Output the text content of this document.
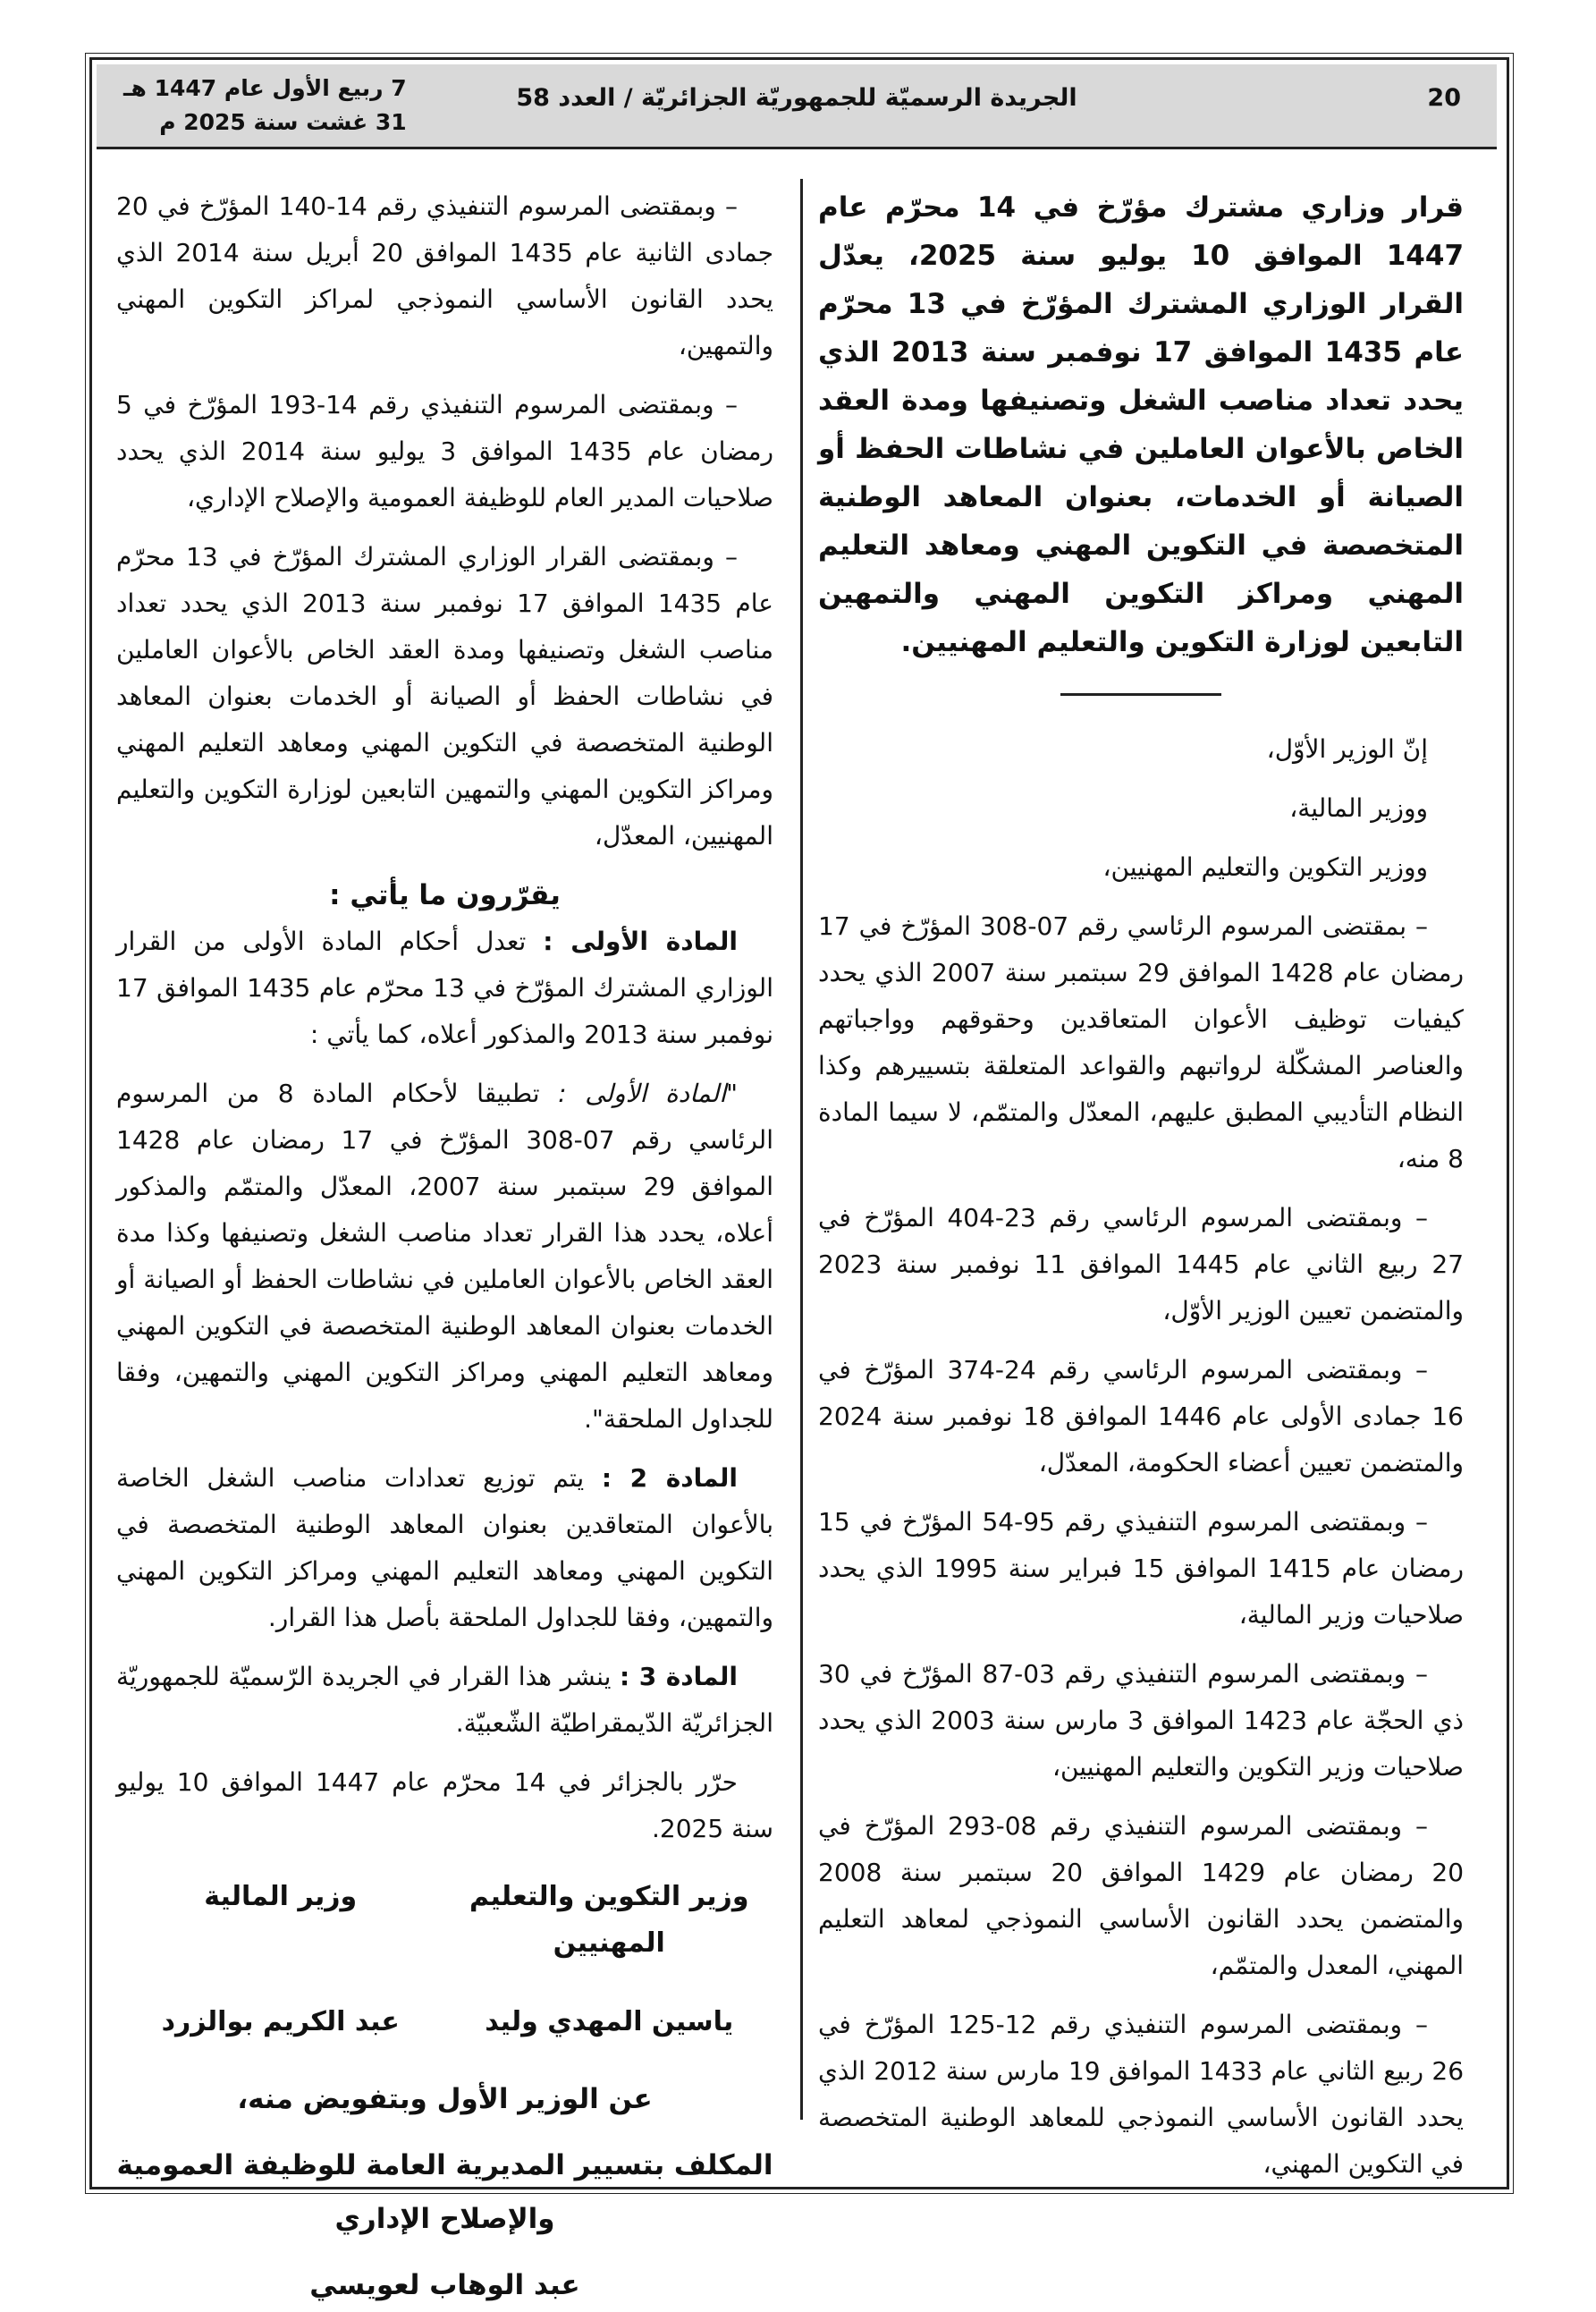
20
الجريدة الرسميّة للجمهوريّة الجزائريّة / العدد 58
7 ربيع الأول عام 1447 هـ
31 غشت سنة 2025 م
قرار وزاري مشترك مؤرّخ في 14 محرّم عام 1447 الموافق 10 يوليو سنة 2025، يعدّل القرار الوزاري المشترك المؤرّخ في 13 محرّم عام 1435 الموافق 17 نوفمبر سنة 2013 الذي يحدد تعداد مناصب الشغل وتصنيفها ومدة العقد الخاص بالأعوان العاملين في نشاطات الحفظ أو الصيانة أو الخدمات، بعنوان المعاهد الوطنية المتخصصة في التكوين المهني ومعاهد التعليم المهني ومراكز التكوين المهني والتمهين التابعين لوزارة التكوين والتعليم المهنيين.

إنّ الوزير الأوّل،

ووزير المالية،

ووزير التكوين والتعليم المهنيين،

– بمقتضى المرسوم الرئاسي رقم 07-308 المؤرّخ في 17 رمضان عام 1428 الموافق 29 سبتمبر سنة 2007 الذي يحدد كيفيات توظيف الأعوان المتعاقدين وحقوقهم وواجباتهم والعناصر المشكّلة لرواتبهم والقواعد المتعلقة بتسييرهم وكذا النظام التأديبي المطبق عليهم، المعدّل والمتمّم، لا سيما المادة 8 منه،

– وبمقتضى المرسوم الرئاسي رقم 23-404 المؤرّخ في 27 ربيع الثاني عام 1445 الموافق 11 نوفمبر سنة 2023 والمتضمن تعيين الوزير الأوّل،

– وبمقتضى المرسوم الرئاسي رقم 24-374 المؤرّخ في 16 جمادى الأولى عام 1446 الموافق 18 نوفمبر سنة 2024 والمتضمن تعيين أعضاء الحكومة، المعدّل،

– وبمقتضى المرسوم التنفيذي رقم 95-54 المؤرّخ في 15 رمضان عام 1415 الموافق 15 فبراير سنة 1995 الذي يحدد صلاحيات وزير المالية،

– وبمقتضى المرسوم التنفيذي رقم 03-87 المؤرّخ في 30 ذي الحجّة عام 1423 الموافق 3 مارس سنة 2003 الذي يحدد صلاحيات وزير التكوين والتعليم المهنيين،

– وبمقتضى المرسوم التنفيذي رقم 08-293 المؤرّخ في 20 رمضان عام 1429 الموافق 20 سبتمبر سنة 2008 والمتضمن يحدد القانون الأساسي النموذجي لمعاهد التعليم المهني، المعدل والمتمّم،

– وبمقتضى المرسوم التنفيذي رقم 12-125 المؤرّخ في 26 ربيع الثاني عام 1433 الموافق 19 مارس سنة 2012 الذي يحدد القانون الأساسي النموذجي للمعاهد الوطنية المتخصصة في التكوين المهني،

– وبمقتضى المرسوم التنفيذي رقم 14-140 المؤرّخ في 20 جمادى الثانية عام 1435 الموافق 20 أبريل سنة 2014 الذي يحدد القانون الأساسي النموذجي لمراكز التكوين المهني والتمهين،

– وبمقتضى المرسوم التنفيذي رقم 14-193 المؤرّخ في 5 رمضان عام 1435 الموافق 3 يوليو سنة 2014 الذي يحدد صلاحيات المدير العام للوظيفة العمومية والإصلاح الإداري،

– وبمقتضى القرار الوزاري المشترك المؤرّخ في 13 محرّم عام 1435 الموافق 17 نوفمبر سنة 2013 الذي يحدد تعداد مناصب الشغل وتصنيفها ومدة العقد الخاص بالأعوان العاملين في نشاطات الحفظ أو الصيانة أو الخدمات بعنوان المعاهد الوطنية المتخصصة في التكوين المهني ومعاهد التعليم المهني ومراكز التكوين المهني والتمهين التابعين لوزارة التكوين والتعليم المهنيين، المعدّل،

يقرّرون ما يأتي :

المادة الأولى : تعدل أحكام المادة الأولى من القرار الوزاري المشترك المؤرّخ في 13 محرّم عام 1435 الموافق 17 نوفمبر سنة 2013 والمذكور أعلاه، كما يأتي :

"المادة الأولى : تطبيقا لأحكام المادة 8 من المرسوم الرئاسي رقم 07-308 المؤرّخ في 17 رمضان عام 1428 الموافق 29 سبتمبر سنة 2007، المعدّل والمتمّم والمذكور أعلاه، يحدد هذا القرار تعداد مناصب الشغل وتصنيفها وكذا مدة العقد الخاص بالأعوان العاملين في نشاطات الحفظ أو الصيانة أو الخدمات بعنوان المعاهد الوطنية المتخصصة في التكوين المهني ومعاهد التعليم المهني ومراكز التكوين المهني والتمهين، وفقا للجداول الملحقة".

المادة 2 : يتم توزيع تعدادات مناصب الشغل الخاصة بالأعوان المتعاقدين بعنوان المعاهد الوطنية المتخصصة في التكوين المهني ومعاهد التعليم المهني ومراكز التكوين المهني والتمهين، وفقا للجداول الملحقة بأصل هذا القرار.

المادة 3 : ينشر هذا القرار في الجريدة الرّسميّة للجمهوريّة الجزائريّة الدّيمقراطيّة الشّعبيّة.

حرّر بالجزائر في 14 محرّم عام 1447 الموافق 10 يوليو سنة 2025.

وزير التكوين والتعليم المهنيين
وزير المالية
ياسين المهدي وليد
عبد الكريم بوالزرد
عن الوزير الأول وبتفويض منه،
المكلف بتسيير المديرية العامة للوظيفة العمومية والإصلاح الإداري
عبد الوهاب لعويسي
